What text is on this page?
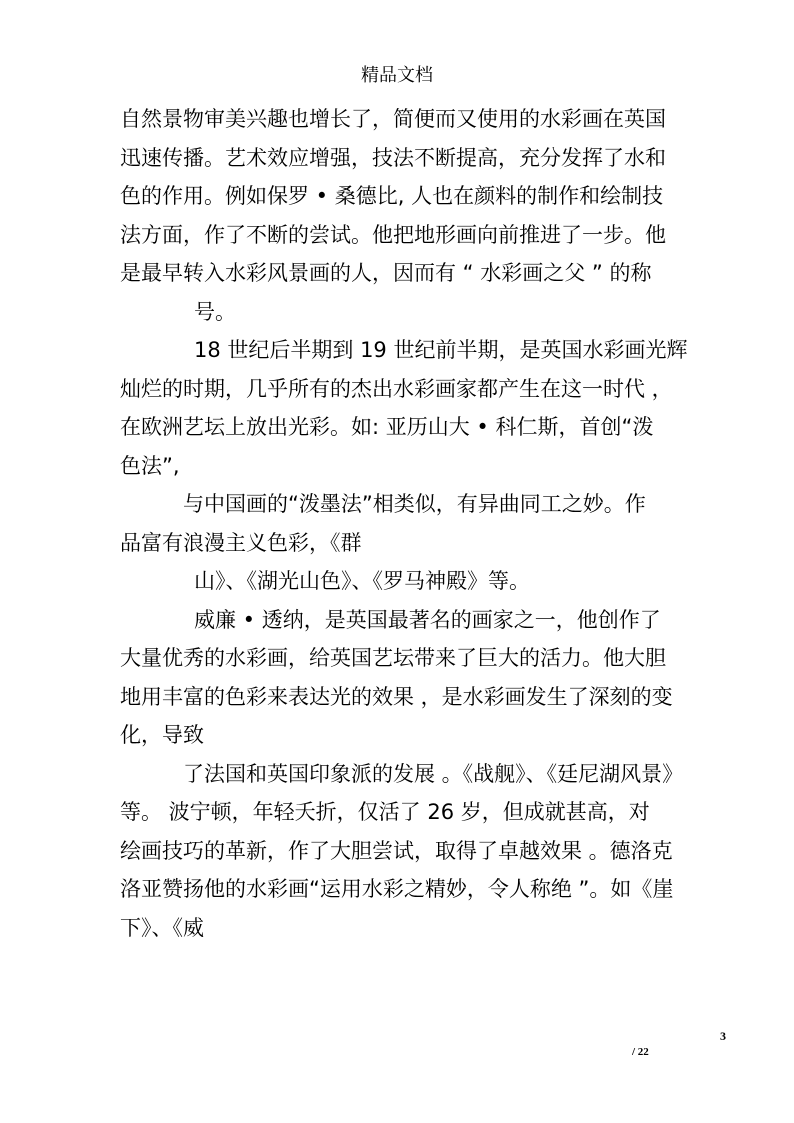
精品文档
自然景物审美兴趣也增长了，简便而又使用的水彩画在英国
迅速传播。艺术效应增强，技法不断提高，充分发挥了水和
色的作用。例如保罗 • 桑德比, 人也在颜料的制作和绘制技
法方面，作了不断的尝试。他把地形画向前推进了一步。他
是最早转入水彩风景画的人，因而有 “ 水彩画之父 ” 的称
号。
18 世纪后半期到 19 世纪前半期，是英国水彩画光辉
灿烂的时期，几乎所有的杰出水彩画家都产生在这一时代 ，
在欧洲艺坛上放出光彩。如: 亚历山大 • 科仁斯，首创“泼
色法”,
与中国画的“泼墨法”相类似，有异曲同工之妙。作
品富有浪漫主义色彩，《群
山》、《湖光山色》、《罗马神殿》等。
威廉 • 透纳，是英国最著名的画家之一，他创作了
大量优秀的水彩画，给英国艺坛带来了巨大的活力。他大胆
地用丰富的色彩来表达光的效果 ，是水彩画发生了深刻的变
化，导致
了法国和英国印象派的发展 。《战舰》、《廷尼湖风景》
等。 波宁顿，年轻夭折，仅活了 26 岁，但成就甚高，对
绘画技巧的革新，作了大胆尝试，取得了卓越效果 。德洛克
洛亚赞扬他的水彩画“运用水彩之精妙，令人称绝 ”。如《崖
下》、《威
3
/ 22
